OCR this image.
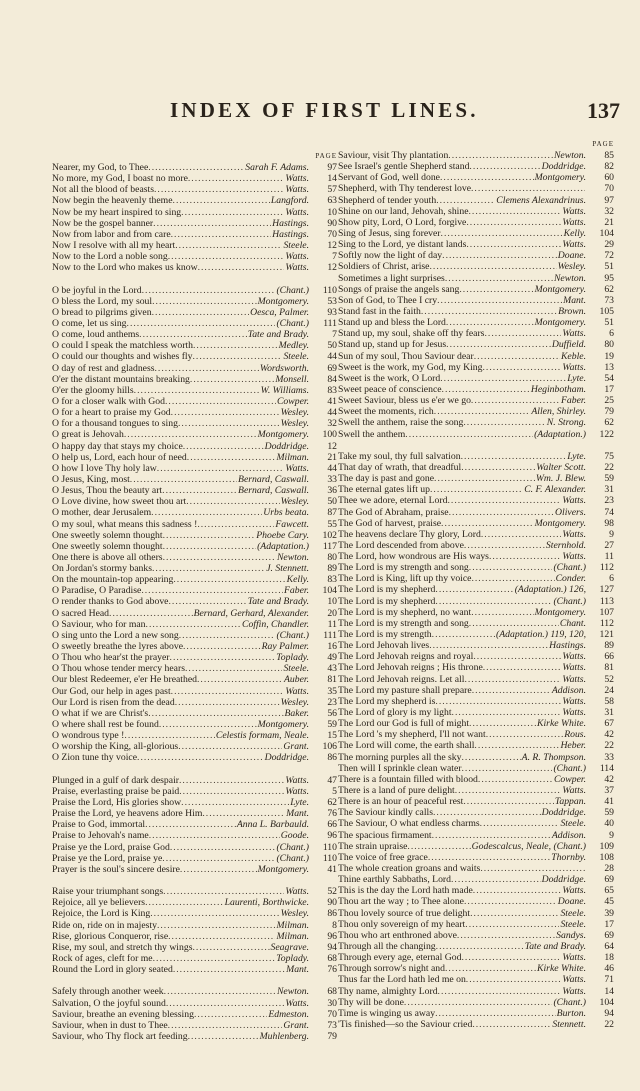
INDEX OF FIRST LINES.	137
PAGE
Nearer, my God, to Thee .....	Sarah F. Adams.	97
No more, my God, I boast no more .....	Watts.	14
Not all the blood of beasts .....	Watts.	57
Now begin the heavenly theme .....	Langford.	63
Now be my heart inspired to sing .....	Watts.	10
Now be the gospel banner .....	Hastings.	90
Now from labor and from care .....	Hastings.	70
Now I resolve with all my heart .....	Steele.	12
Now to the Lord a noble song .....	Watts.	7
Now to the Lord who makes us know .....	Watts.	12
O be joyful in the Lord .....	(Chant.)	110
O bless the Lord, my soul .....	Montgomery.	53
O bread to pilgrims given .....	Oesca, Palmer.	93
O come, let us sing .....	(Chant.)	111
O come, loud anthems .....	Tate and Brady.	7
O could I speak the matchless worth .....	Medley.	50
O could our thoughts and wishes fly .....	Steele.	44
O day of rest and gladness .....	Wordsworth.	69
O'er the distant mountains breaking .....	Monsell.	84
O'er the gloomy hills .....	W. Williams.	83
O for a closer walk with God .....	Cowper.	41
O for a heart to praise my God .....	Wesley.	44
O for a thousand tongues to sing .....	Wesley.	32
O great is Jehovah .....	Montgomery.	100
O happy day that stays my choice .....	Doddridge.	12
O help us, Lord, each hour of need .....	Milman.	21
O how I love Thy holy law .....	Watts.	44
O Jesus, King, most .....	Bernard, Caswall.	33
O Jesus, Thou the beauty art .....	Bernard, Caswall.	36
O Love divine, how sweet thou art .....	Wesley.	50
O mother, dear Jerusalem .....	Urbs beata.	87
O my soul, what means this sadness ! .....	Fawcett.	55
One sweetly solemn thought .....	Phoebe Cary.	102
One sweetly solemn thought .....	(Adaptation.)	117
One there is above all others .....	Newton.	80
On Jordan's stormy banks .....	J. Stennett.	89
On the mountain-top appearing .....	Kelly.	83
O Paradise, O Paradise .....	Faber.	104
O render thanks to God above .....	Tate and Brady.	10
O sacred Head .....	Bernard, Gerhard, Alexander.	20
O Saviour, who for man .....	Coffin, Chandler.	11
O sing unto the Lord a new song .....	(Chant.)	111
O sweetly breathe the lyres above .....	Ray Palmer.	16
O Thou who hear'st the prayer .....	Toplady.	49
O Thou whose tender mercy hears .....	Steele.	43
Our blest Redeemer, e'er He breathed .....	Auber.	81
Our God, our help in ages past .....	Watts.	35
Our Lord is risen from the dead .....	Wesley.	23
O what if we are Christ's .....	Baker.	56
O where shall rest be found .....	Montgomery.	59
O wondrous type ! .....	Celestis formam, Neale.	15
O worship the King, all-glorious .....	Grant.	106
O Zion tune thy voice .....	Doddridge.	86
Plunged in a gulf of dark despair .....	Watts.	47
Praise, everlasting praise be paid .....	Watts.	5
Praise the Lord, His glories show .....	Lyte.	62
Praise the Lord, ye heavens adore Him .....	Mant.	76
Praise to God, immortal .....	Anna L. Barbauld.	66
Praise to Jehovah's name .....	Goode.	96
Praise ye the Lord, praise God .....	(Chant.)	110
Praise ye the Lord, praise ye .....	(Chant.)	110
Prayer is the soul's sincere desire .....	Montgomery.	41
Raise your triumphant songs .....	Watts.	52
Rejoice, all ye believers .....	Laurenti, Borthwicke.	90
Rejoice, the Lord is King .....	Wesley.	86
Ride on, ride on in majesty .....	Milman.	8
Rise, glorious Conqueror, rise .....	Milman.	96
Rise, my soul, and stretch thy wings .....	Seagrave.	94
Rock of ages, cleft for me .....	Toplady.	68
Round the Lord in glory seated .....	Mant.	76
Safely through another week .....	Newton.	68
Salvation, O the joyful sound .....	Watts.	30
Saviour, breathe an evening blessing .....	Edmeston.	70
Saviour, when in dust to Thee .....	Grant.	73
Saviour, who Thy flock art feeding .....	Muhlenberg.	79
PAGE
Saviour, visit Thy plantation .....	Newton.	85
See Israel's gentle Shepherd stand .....	Doddridge.	82
Servant of God, well done .....	Montgomery.	60
Shepherd, with Thy tenderest love .....	70
Shepherd of tender youth .....	Clemens Alexandrinus.	97
Shine on our land, Jehovah, shine .....	Watts.	32
Show pity, Lord, O Lord, forgive .....	Watts.	21
Sing of Jesus, sing forever .....	Kelly.	104
Sing to the Lord, ye distant lands .....	Watts.	29
Softly now the light of day .....	Doane.	72
Soldiers of Christ, arise .....	Wesley.	51
Sometimes a light surprises .....	Newton.	95
Songs of praise the angels sang .....	Montgomery.	62
Son of God, to Thee I cry .....	Mant.	73
Stand fast in the faith .....	Brown.	105
Stand up and bless the Lord .....	Montgomery.	51
Stand up, my soul, shake off thy fears .....	Watts.	6
Stand up, stand up for Jesus .....	Duffield.	80
Sun of my soul, Thou Saviour dear .....	Keble.	19
Sweet is the work, my God, my King .....	Watts.	13
Sweet is the work, O Lord .....	Lyte.	54
Sweet peace of conscience .....	Heginbotham.	17
Sweet Saviour, bless us e'er we go .....	Faber.	25
Sweet the moments, rich .....	Allen, Shirley.	79
Swell the anthem, raise the song .....	N. Strong.	62
Swell the anthem .....	(Adaptation.)	122
Take my soul, thy full salvation .....	Lyte.	75
That day of wrath, that dreadful .....	Walter Scott.	22
The day is past and gone .....	Wm. J. Blew.	59
The eternal gates lift up .....	C. F. Alexander.	31
Thee we adore, eternal Lord .....	Watts.	23
The God of Abraham, praise .....	Olivers.	74
The God of harvest, praise .....	Montgomery.	98
The heavens declare Thy glory, Lord .....	Watts.	9
The Lord descended from above .....	Sternhold.	27
The Lord, how wondrous are His ways .....	Watts.	11
The Lord is my strength and song .....	(Chant.)	112
The Lord is King, lift up thy voice .....	Conder.	6
The Lord is my shepherd .....	(Adaptation.) 126,	127
The Lord is my shepherd .....	(Chant.)	113
The Lord is my shepherd, no want .....	Montgomery.	107
The Lord is my strength and song .....	Chant.	112
The Lord is my strength .....	(Adaptation.) 119, 120,	121
The Lord Jehovah lives .....	Hastings.	89
The Lord Jehovah reigns and royal .....	Watts.	66
The Lord Jehovah reigns ; His throne .....	Watts.	81
The Lord Jehovah reigns. Let all .....	Watts.	52
The Lord my pasture shall prepare .....	Addison.	24
The Lord my shepherd is .....	Watts.	58
The Lord of glory is my light .....	Watts.	31
The Lord our God is full of might .....	Kirke White.	67
The Lord 's my shepherd, I'll not want .....	Rous.	42
The Lord will come, the earth shall .....	Heber.	22
The morning purples all the sky .....	A. R. Thompson.	33
Then will I sprinkle clean water .....	(Chant.)	114
There is a fountain filled with blood .....	Cowper.	42
There is a land of pure delight .....	Watts.	37
There is an hour of peaceful rest .....	Tappan.	41
The Saviour kindly calls .....	Doddridge.	59
The Saviour, O what endless charms .....	Steele.	40
The spacious firmament .....	Addison.	9
The strain upraise .....	Godescalcus, Neale, (Chant.)	109
The voice of free grace .....	Thornby.	108
The whole creation groans and waits .....	28
Thine earthly Sabbaths, Lord .....	Doddridge.	69
This is the day the Lord hath made .....	Watts.	65
Thou art the way ; to Thee alone .....	Doane.	45
Thou lovely source of true delight .....	Steele.	39
Thou only sovereign of my heart .....	Steele.	17
Thou who art enthroned above .....	Sandys.	69
Through all the changing .....	Tate and Brady.	64
Through every age, eternal God .....	Watts.	18
Through sorrow's night and .....	Kirke White.	46
Thus far the Lord hath led me on .....	Watts.	71
Thy name, almighty Lord .....	Watts.	14
Thy will be done .....	(Chant.)	104
Time is winging us away .....	Burton.	94
'Tis finished—so the Saviour cried .....	Stennett.	22
